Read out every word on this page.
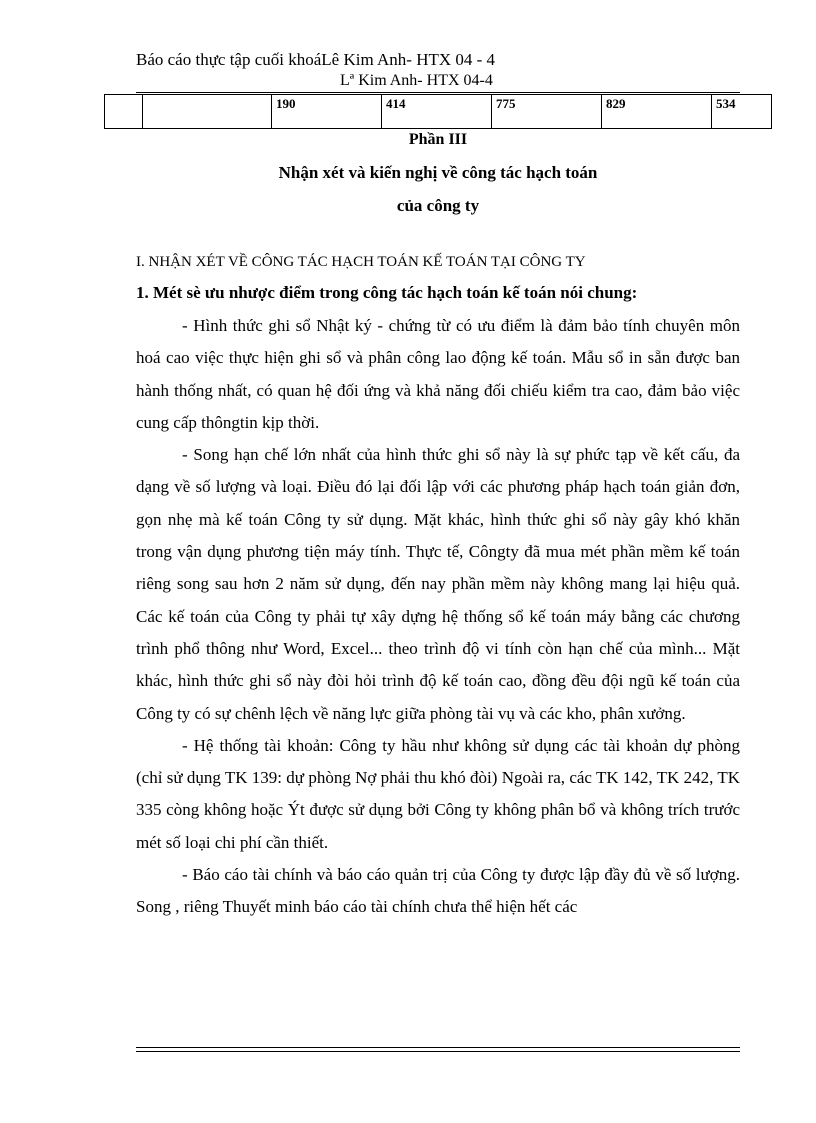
Báo cáo thực tập cuối khoáLê Kim Anh- HTX 04 - 4
Lª Kim Anh- HTX 04-4
		190	414	775	829	534
Phần III
Nhận xét và kiến nghị về công tác hạch toán
của công ty
I. NHẬN XÉT VỀ CÔNG TÁC HẠCH TOÁN KẾ TOÁN TẠI CÔNG TY
1. Mét sè ưu nhược điểm trong công tác hạch toán kế toán nói chung:

- Hình thức ghi sổ Nhật ký - chứng từ có ưu điểm là đảm bảo tính chuyên môn hoá cao việc thực hiện ghi sổ và phân công lao động kế toán. Mẫu sổ in sẵn được ban hành thống nhất, có quan hệ đối ứng và khả năng đối chiếu kiểm tra cao, đảm bảo việc cung cấp thôngtin kịp thời.

- Song hạn chế lớn nhất của hình thức ghi sổ này là sự phức tạp về kết cấu, đa dạng về số lượng và loại. Điều đó lại đối lập với các phương pháp hạch toán giản đơn, gọn nhẹ mà kế toán Công ty sử dụng. Mặt khác, hình thức ghi sổ này gây khó khăn trong vận dụng phương tiện máy tính. Thực tế, Côngty đã mua mét phần mềm kế toán riêng song sau hơn 2 năm sử dụng, đến nay phần mềm này không mang lại hiệu quả. Các kế toán của Công ty phải tự xây dựng hệ thống sổ kế toán máy bằng các chương trình phổ thông như Word, Excel... theo trình độ vi tính còn hạn chế của mình... Mặt khác, hình thức ghi sổ này đòi hỏi trình độ kế toán cao, đồng đều đội ngũ kế toán của Công ty có sự chênh lệch về năng lực giữa phòng tài vụ và các kho, phân xưởng.

- Hệ thống tài khoản: Công ty hầu như không sử dụng các tài khoản dự phòng (chỉ sử dụng TK 139: dự phòng Nợ phải thu khó đòi) Ngoài ra, các TK 142, TK 242, TK 335 còng không hoặc Ýt được sử dụng bởi Công ty không phân bổ và không trích trước mét số loại chi phí cần thiết.

- Báo cáo tài chính và báo cáo quản trị của Công ty được lập đầy đủ về số lượng. Song , riêng Thuyết minh báo cáo tài chính chưa thể hiện hết các
